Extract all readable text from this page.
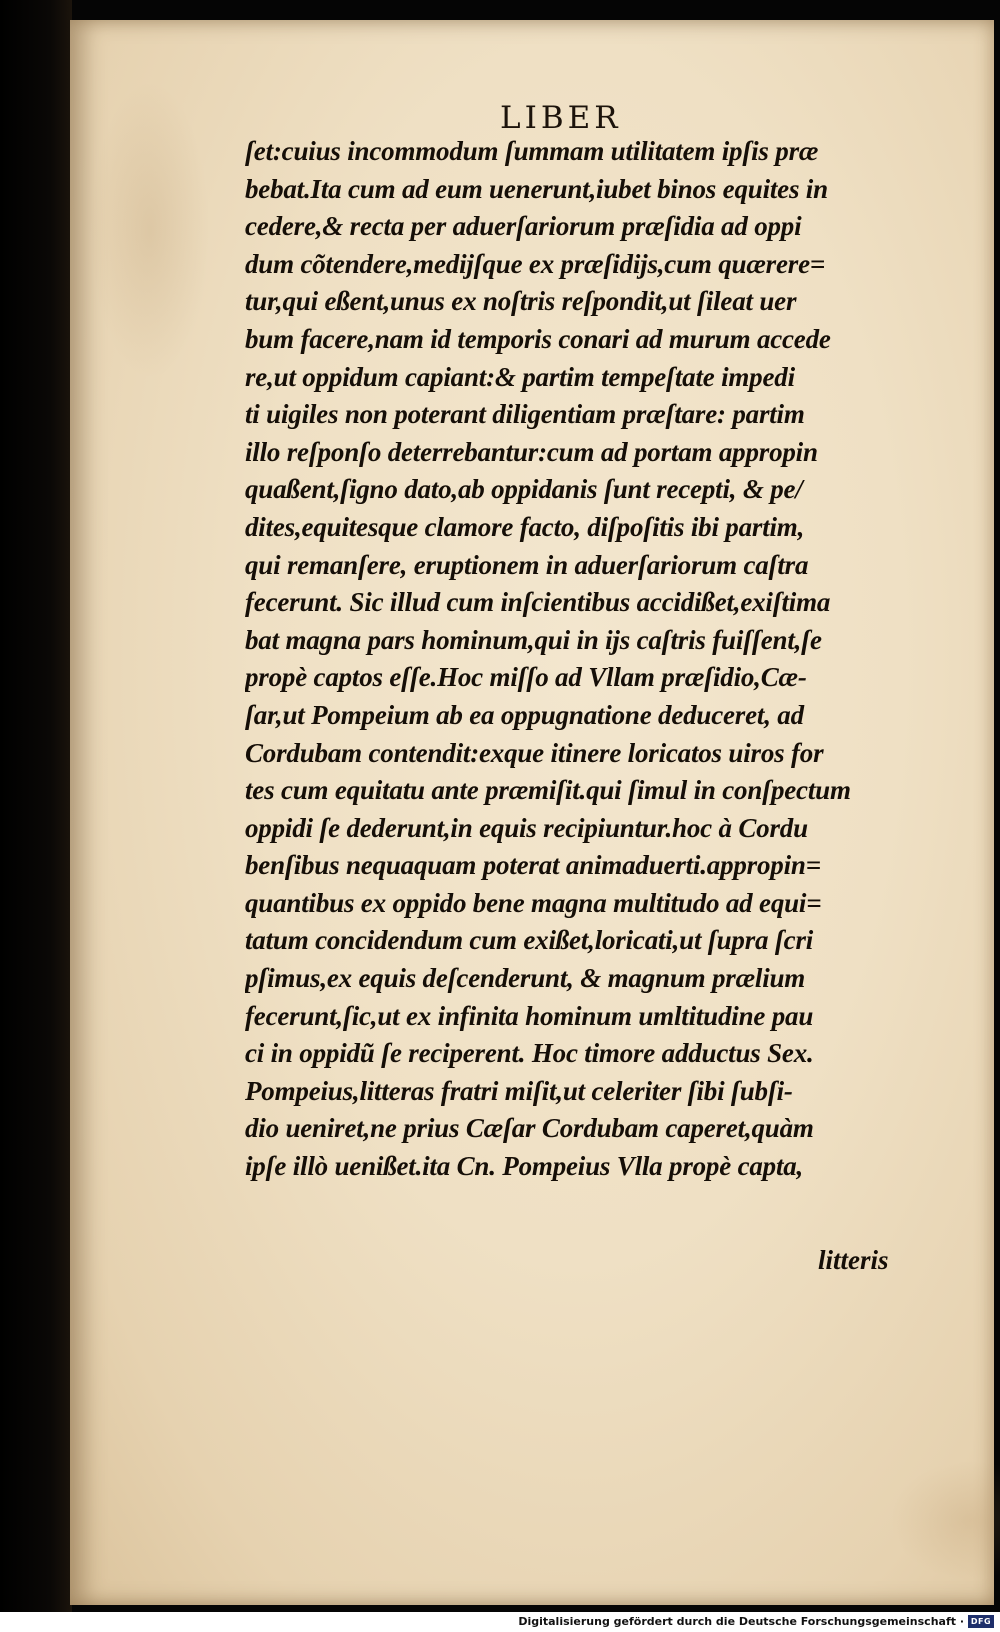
LIBER
ſet:cuius incommodum ſummam utilitatem ipſis præ
bebat.Ita cum ad eum uenerunt,iubet binos equites in
cedere,& recta per aduerſariorum præſidia ad oppi
dum cõtendere,medijſque ex præſidijs,cum quærere=
tur,qui eßent,unus ex noſtris reſpondit,ut ſileat uer
bum facere,nam id temporis conari ad murum accede
re,ut oppidum capiant:& partim tempeſtate impedi
ti uigiles non poterant diligentiam præſtare: partim
illo reſponſo deterrebantur:cum ad portam appropin
quaßent,ſigno dato,ab oppidanis ſunt recepti, & pe/
dites,equitesque clamore facto, diſpoſitis ibi partim,
qui remanſere, eruptionem in aduerſariorum caſtra
fecerunt. Sic illud cum inſcientibus accidißet,exiſtima
bat magna pars hominum,qui in ijs caſtris fuiſſent,ſe
propè captos eſſe.Hoc miſſo ad Vllam præſidio,Cæ-
ſar,ut Pompeium ab ea oppugnatione deduceret, ad
Cordubam contendit:exque itinere loricatos uiros for
tes cum equitatu ante præmiſit.qui ſimul in conſpectum
oppidi ſe dederunt,in equis recipiuntur.hoc à Cordu
benſibus nequaquam poterat animaduerti.appropin=
quantibus ex oppido bene magna multitudo ad equi=
tatum concidendum cum exißet,loricati,ut ſupra ſcri
pſimus,ex equis deſcenderunt, & magnum prælium
fecerunt,ſic,ut ex infinita hominum umltitudine pau
ci in oppidũ ſe reciperent. Hoc timore adductus Sex.
Pompeius,litteras fratri miſit,ut celeriter ſibi ſubſi-
dio ueniret,ne prius Cæſar Cordubam caperet,quàm
ipſe illò uenißet.ita Cn. Pompeius Vlla propè capta,
litteris
Digitalisierung gefördert durch die Deutsche Forschungsgemeinschaft · DFG
